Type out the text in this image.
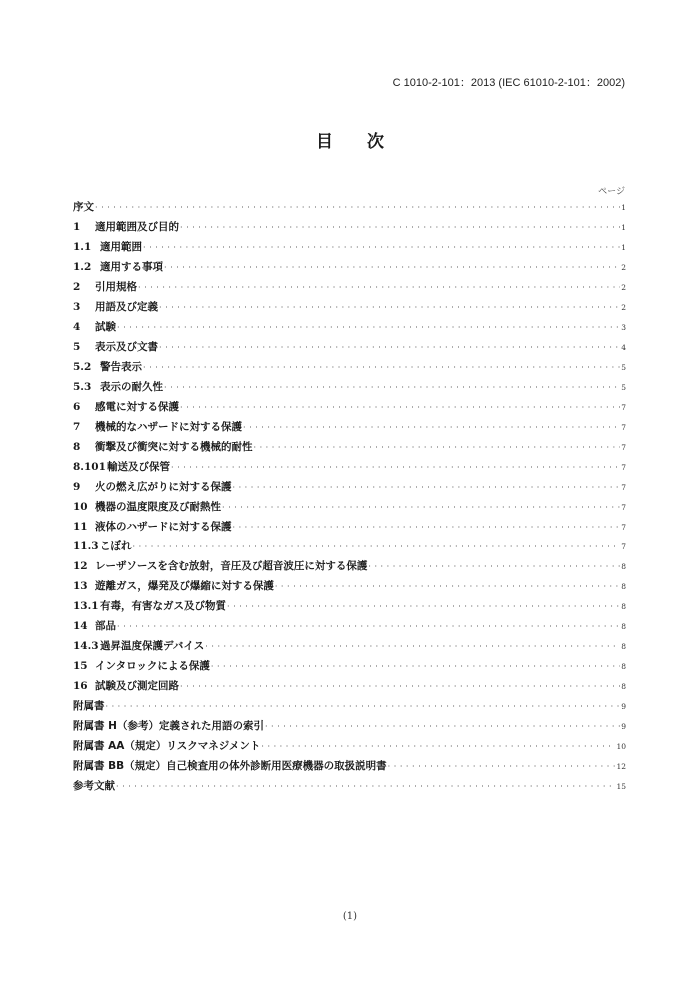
C 1010-2-101：2013 (IEC 61010-2-101：2002)
目 次
ページ
序文 · · ·	1
1	適用範囲及び目的 · · ·	1
1.1 適用範囲 · · ·	1
1.2 適用する事項 · · ·	2
2	引用規格 · · ·	2
3	用語及び定義 · · ·	2
4	試験 · · ·	3
5	表示及び文書 · · ·	4
5.2 警告表示 · · ·	5
5.3 表示の耐久性 · · ·	5
6	感電に対する保護 · · ·	7
7	機械的なハザードに対する保護 · · ·	7
8	衝撃及び衝突に対する機械的耐性 · · ·	7
8.101 輸送及び保管 · · ·	7
9	火の燃え広がりに対する保護 · · ·	7
10 機器の温度限度及び耐熱性 · · ·	7
11 液体のハザードに対する保護 · · ·	7
11.3 こぼれ · · ·	7
12 レーザソースを含む放射，音圧及び超音波圧に対する保護 · · ·	8
13 遊離ガス，爆発及び爆縮に対する保護 · · ·	8
13.1 有毒，有害なガス及び物質 · · ·	8
14 部品 · · ·	8
14.3 過昇温度保護デバイス · · ·	8
15 インタロックによる保護 · · ·	8
16 試験及び測定回路 · · ·	8
附属書 · · ·	9
附属書 H（参考）定義された用語の索引 · · ·	9
附属書 AA（規定）リスクマネジメント · · ·	10
附属書 BB（規定）自己検査用の体外診断用医療機器の取扱説明書 · · ·	12
参考文献 · · ·	15
(1)
